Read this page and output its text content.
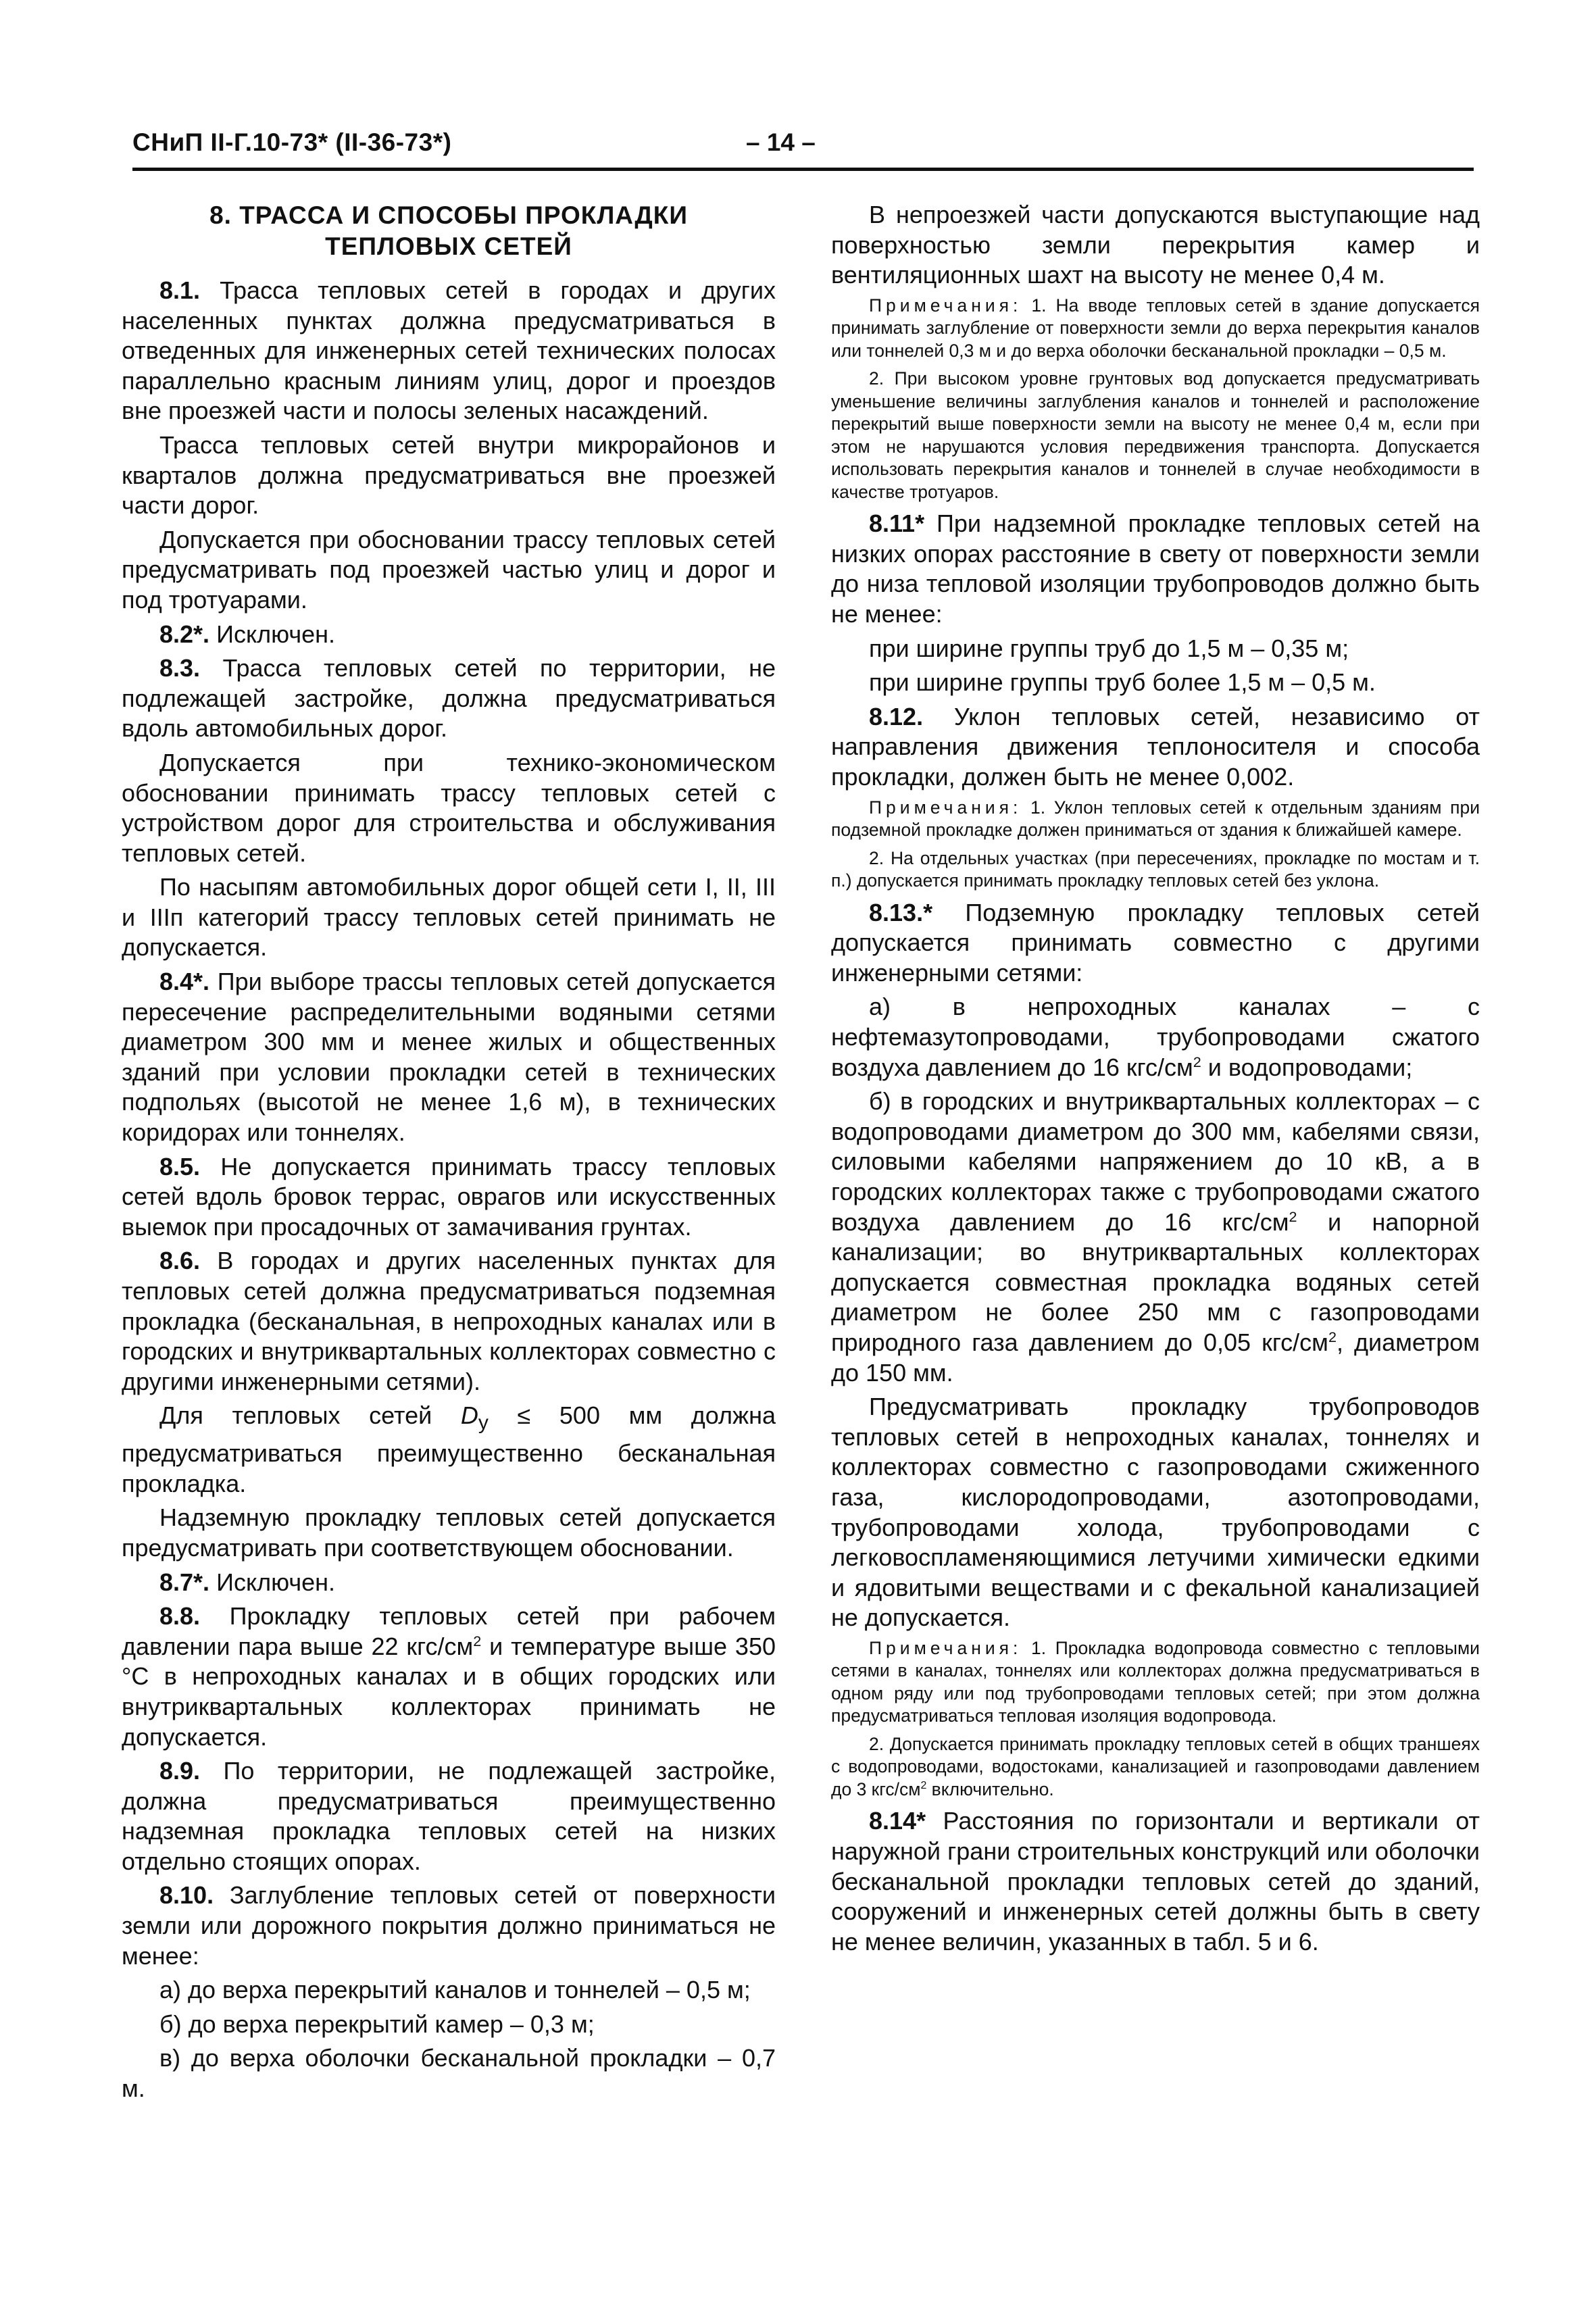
СНиП II-Г.10-73* (II-36-73*)	– 14 –
8. ТРАССА И СПОСОБЫ ПРОКЛАДКИ
ТЕПЛОВЫХ СЕТЕЙ

8.1. Трасса тепловых сетей в городах и других населенных пунктах должна предусматриваться в отведенных для инженерных сетей технических полосах параллельно красным линиям улиц, дорог и проездов вне проезжей части и полосы зеленых насаждений.

Трасса тепловых сетей внутри микрорайонов и кварталов должна предусматриваться вне проезжей части дорог.

Допускается при обосновании трассу тепловых сетей предусматривать под проезжей частью улиц и дорог и под тротуарами.

8.2*. Исключен.

8.3. Трасса тепловых сетей по территории, не подлежащей застройке, должна предусматриваться вдоль автомобильных дорог.

Допускается при технико-экономическом обосновании принимать трассу тепловых сетей с устройством дорог для строительства и обслуживания тепловых сетей.

По насыпям автомобильных дорог общей сети I, II, III и IIIп категорий трассу тепловых сетей принимать не допускается.

8.4*. При выборе трассы тепловых сетей допускается пересечение распределительными водяными сетями диаметром 300 мм и менее жилых и общественных зданий при условии прокладки сетей в технических подпольях (высотой не менее 1,6 м), в технических коридорах или тоннелях.

8.5. Не допускается принимать трассу тепловых сетей вдоль бровок террас, оврагов или искусственных выемок при просадочных от замачивания грунтах.

8.6. В городах и других населенных пунктах для тепловых сетей должна предусматриваться подземная прокладка (бесканальная, в непроходных каналах или в городских и внутриквартальных коллекторах совместно с другими инженерными сетями).

Для тепловых сетей $D_y \le 500$ мм должна предусматриваться преимущественно бесканальная прокладка.

Надземную прокладку тепловых сетей допускается предусматривать при соответствующем обосновании.

8.7*. Исключен.

8.8. Прокладку тепловых сетей при рабочем давлении пара выше 22 кгс/$см^2$ и температуре выше 350 °С в непроходных каналах и в общих городских или внутриквартальных коллекторах принимать не допускается.

8.9. По территории, не подлежащей застройке, должна предусматриваться преимущественно надземная прокладка тепловых сетей на низких отдельно стоящих опорах.

8.10. Заглубление тепловых сетей от поверхности земли или дорожного покрытия должно приниматься не менее:

а) до верха перекрытий каналов и тоннелей – 0,5 м;

б) до верха перекрытий камер – 0,3 м;

в) до верха оболочки бесканальной прокладки – 0,7 м.

В непроезжей части допускаются выступающие над поверхностью земли перекрытия камер и вентиляционных шахт на высоту не менее 0,4 м.

Примечания: 1. На вводе тепловых сетей в здание допускается принимать заглубление от поверхности земли до верха перекрытия каналов или тоннелей 0,3 м и до верха оболочки бесканальной прокладки – 0,5 м.
2. При высоком уровне грунтовых вод допускается предусматривать уменьшение величины заглубления каналов и тоннелей и расположение перекрытий выше поверхности земли на высоту не менее 0,4 м, если при этом не нарушаются условия передвижения транспорта. Допускается использовать перекрытия каналов и тоннелей в случае необходимости в качестве тротуаров.

8.11* При надземной прокладке тепловых сетей на низких опорах расстояние в свету от поверхности земли до низа тепловой изоляции трубопроводов должно быть не менее:

при ширине группы труб до 1,5 м – 0,35 м;

при ширине группы труб более 1,5 м – 0,5 м.

8.12. Уклон тепловых сетей, независимо от направления движения теплоносителя и способа прокладки, должен быть не менее 0,002.

Примечания: 1. Уклон тепловых сетей к отдельным зданиям при подземной прокладке должен приниматься от здания к ближайшей камере.
2. На отдельных участках (при пересечениях, прокладке по мостам и т. п.) допускается принимать прокладку тепловых сетей без уклона.

8.13.* Подземную прокладку тепловых сетей допускается принимать совместно с другими инженерными сетями:

а) в непроходных каналах – с нефтемазутопроводами, трубопроводами сжатого воздуха давлением до 16 кгс/$см^2$ и водопроводами;

б) в городских и внутриквартальных коллекторах – с водопроводами диаметром до 300 мм, кабелями связи, силовыми кабелями напряжением до 10 кВ, а в городских коллекторах также с трубопроводами сжатого воздуха давлением до 16 кгс/$см^2$ и напорной канализации; во внутриквартальных коллекторах допускается совместная прокладка водяных сетей диаметром не более 250 мм с газопроводами природного газа давлением до 0,05 кгс/$см^2$, диаметром до 150 мм.

Предусматривать прокладку трубопроводов тепловых сетей в непроходных каналах, тоннелях и коллекторах совместно с газопроводами сжиженного газа, кислородопроводами, азотопроводами, трубопроводами холода, трубопроводами с легковоспламеняющимися летучими химически едкими и ядовитыми веществами и с фекальной канализацией не допускается.

Примечания: 1. Прокладка водопровода совместно с тепловыми сетями в каналах, тоннелях или коллекторах должна предусматриваться в одном ряду или под трубопроводами тепловых сетей; при этом должна предусматриваться тепловая изоляция водопровода.
2. Допускается принимать прокладку тепловых сетей в общих траншеях с водопроводами, водостоками, канализацией и газопроводами давлением до 3 кгс/$см^2$ включительно.

8.14* Расстояния по горизонтали и вертикали от наружной грани строительных конструкций или оболочки бесканальной прокладки тепловых сетей до зданий, сооружений и инженерных сетей должны быть в свету не менее величин, указанных в табл. 5 и 6.
